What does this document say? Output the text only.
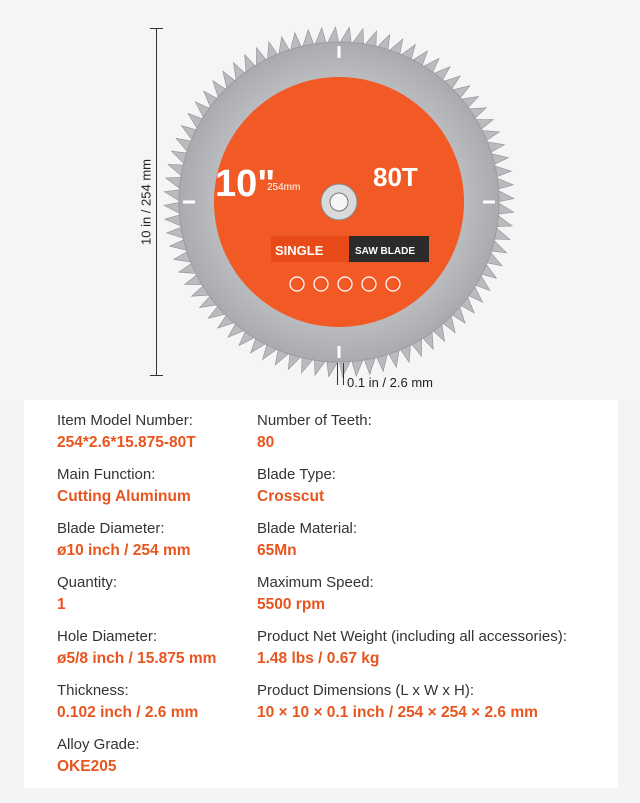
10 in / 254 mm 10"
254mm	80T
SINGLE	SAW BLADE
0.1 in / 2.6 mm
Item Model Number:
254*2.6*15.875-80T
Main Function:
Cutting Aluminum
Blade Diameter:
ø10 inch / 254 mm
Quantity:
1
Hole Diameter:
ø5/8 inch / 15.875 mm
Thickness:
0.102 inch / 2.6 mm
Alloy Grade:
OKE205
Number of Teeth:
80
Blade Type:
Crosscut
Blade Material:
65Mn
Maximum Speed:
5500 rpm
Product Net Weight (including all accessories):
1.48 lbs / 0.67 kg
Product Dimensions (L x W x H):
10 × 10 × 0.1 inch / 254 × 254 × 2.6 mm
